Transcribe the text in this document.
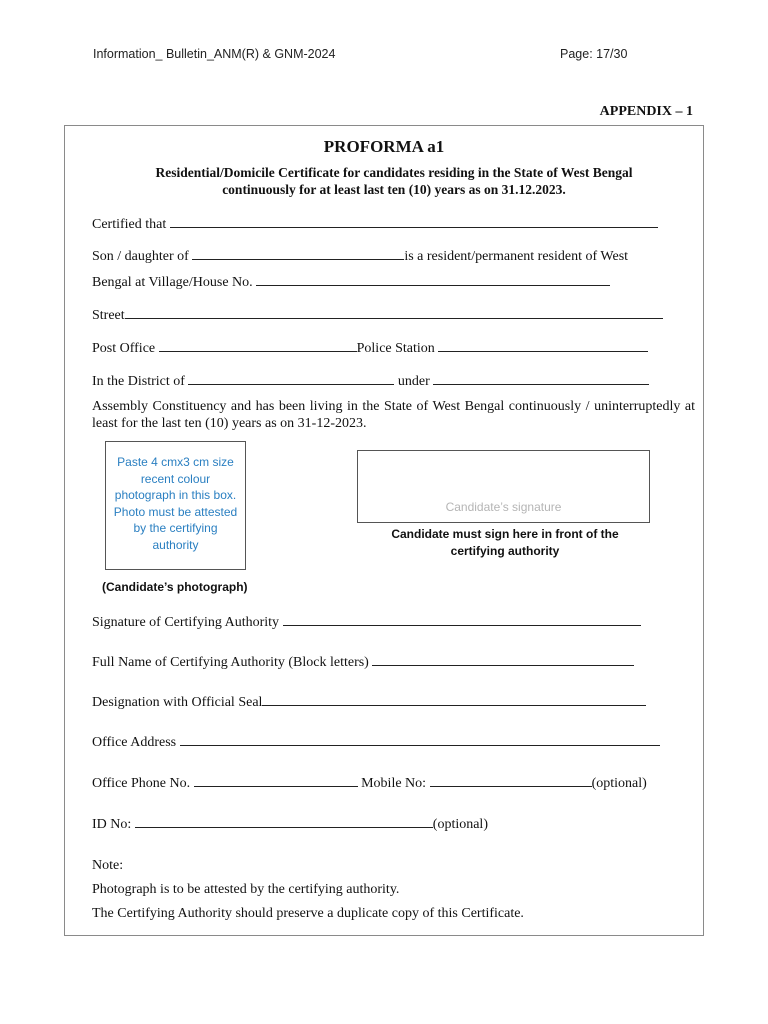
Information_ Bulletin_ANM(R) & GNM-2024	Page: 17/30
APPENDIX – 1
PROFORMA a1
Residential/Domicile Certificate for candidates residing in the State of West Bengal
continuously for at least last ten (10) years as on 31.12.2023.
Certified that
Son / daughter of	is a resident/permanent resident of West
Bengal at Village/House No.
Street
Post Office	Police Station
In the District of	under
Assembly Constituency and has been living in the State of West Bengal continuously / uninterruptedly at least for the last ten (10) years as on 31-12-2023.
Paste 4 cmx3 cm size recent colour photograph in this box. Photo must be attested by the certifying authority
(Candidate’s photograph)
Candidate’s signature
Candidate must sign here in front of the certifying authority
Signature of Certifying Authority
Full Name of Certifying Authority (Block letters)
Designation with Official Seal
Office Address
Office Phone No.	Mobile No:	(optional)
ID No:	(optional)
Note:
Photograph is to be attested by the certifying authority.
The Certifying Authority should preserve a duplicate copy of this Certificate.
